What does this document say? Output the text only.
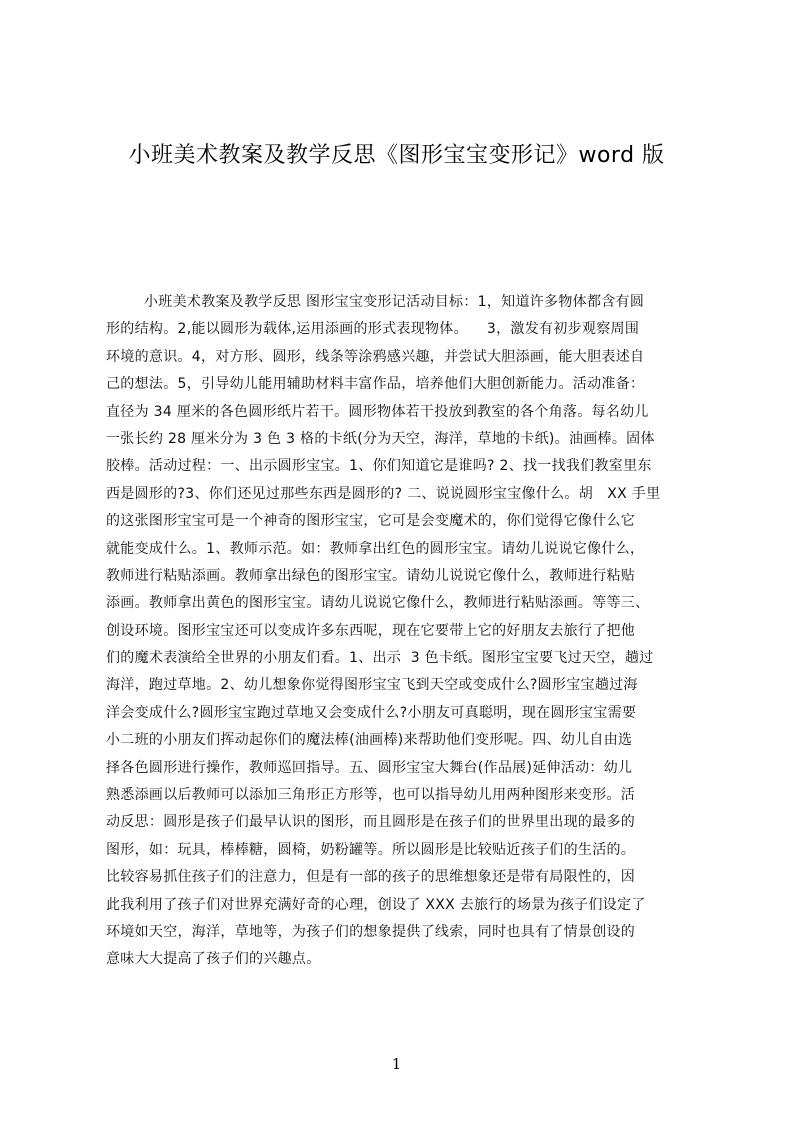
小班美术教案及教学反思《图形宝宝变形记》word 版
小班美术教案及教学反思 图形宝宝变形记活动目标：1，知道许多物体都含有圆
形的结构。2,能以圆形为载体,运用添画的形式表现物体。    3，激发有初步观察周围
环境的意识。4，对方形、圆形，线条等涂鸦感兴趣，并尝试大胆添画，能大胆表述自
己的想法。5，引导幼儿能用辅助材料丰富作品，培养他们大胆创新能力。活动准备：
直径为 34 厘米的各色圆形纸片若干。圆形物体若干投放到教室的各个角落。每名幼儿
一张长约 28 厘米分为 3 色 3 格的卡纸(分为天空，海洋，草地的卡纸)。油画棒。固体
胶棒。活动过程：一、出示圆形宝宝。1、你们知道它是谁吗? 2、找一找我们教室里东
西是圆形的?3、你们还见过那些东西是圆形的? 二、说说圆形宝宝像什么。胡   XX 手里
的这张图形宝宝可是一个神奇的图形宝宝，它可是会变魔术的，你们觉得它像什么它
就能变成什么。1、教师示范。如：教师拿出红色的圆形宝宝。请幼儿说说它像什么，
教师进行粘贴添画。教师拿出绿色的图形宝宝。请幼儿说说它像什么，教师进行粘贴
添画。教师拿出黄色的图形宝宝。请幼儿说说它像什么，教师进行粘贴添画。等等三、
创设环境。图形宝宝还可以变成许多东西呢，现在它要带上它的好朋友去旅行了把他
们的魔术表演给全世界的小朋友们看。1、出示  3 色卡纸。图形宝宝要飞过天空，趟过
海洋，跑过草地。2、幼儿想象你觉得图形宝宝飞到天空或变成什么?圆形宝宝趟过海
洋会变成什么?圆形宝宝跑过草地又会变成什么?小朋友可真聪明，现在圆形宝宝需要
小二班的小朋友们挥动起你们的魔法棒(油画棒)来帮助他们变形呢。四、幼儿自由选
择各色圆形进行操作，教师巡回指导。五、圆形宝宝大舞台(作品展)延伸活动：幼儿
熟悉添画以后教师可以添加三角形正方形等，也可以指导幼儿用两种图形来变形。活
动反思：圆形是孩子们最早认识的图形，而且圆形是在孩子们的世界里出现的最多的
图形，如：玩具，棒棒糖，圆椅，奶粉罐等。所以圆形是比较贴近孩子们的生活的。
比较容易抓住孩子们的注意力，但是有一部的孩子的思维想象还是带有局限性的，因
此我利用了孩子们对世界充满好奇的心理，创设了 XXX 去旅行的场景为孩子们设定了
环境如天空，海洋，草地等，为孩子们的想象提供了线索，同时也具有了情景创设的
意味大大提高了孩子们的兴趣点。
1
